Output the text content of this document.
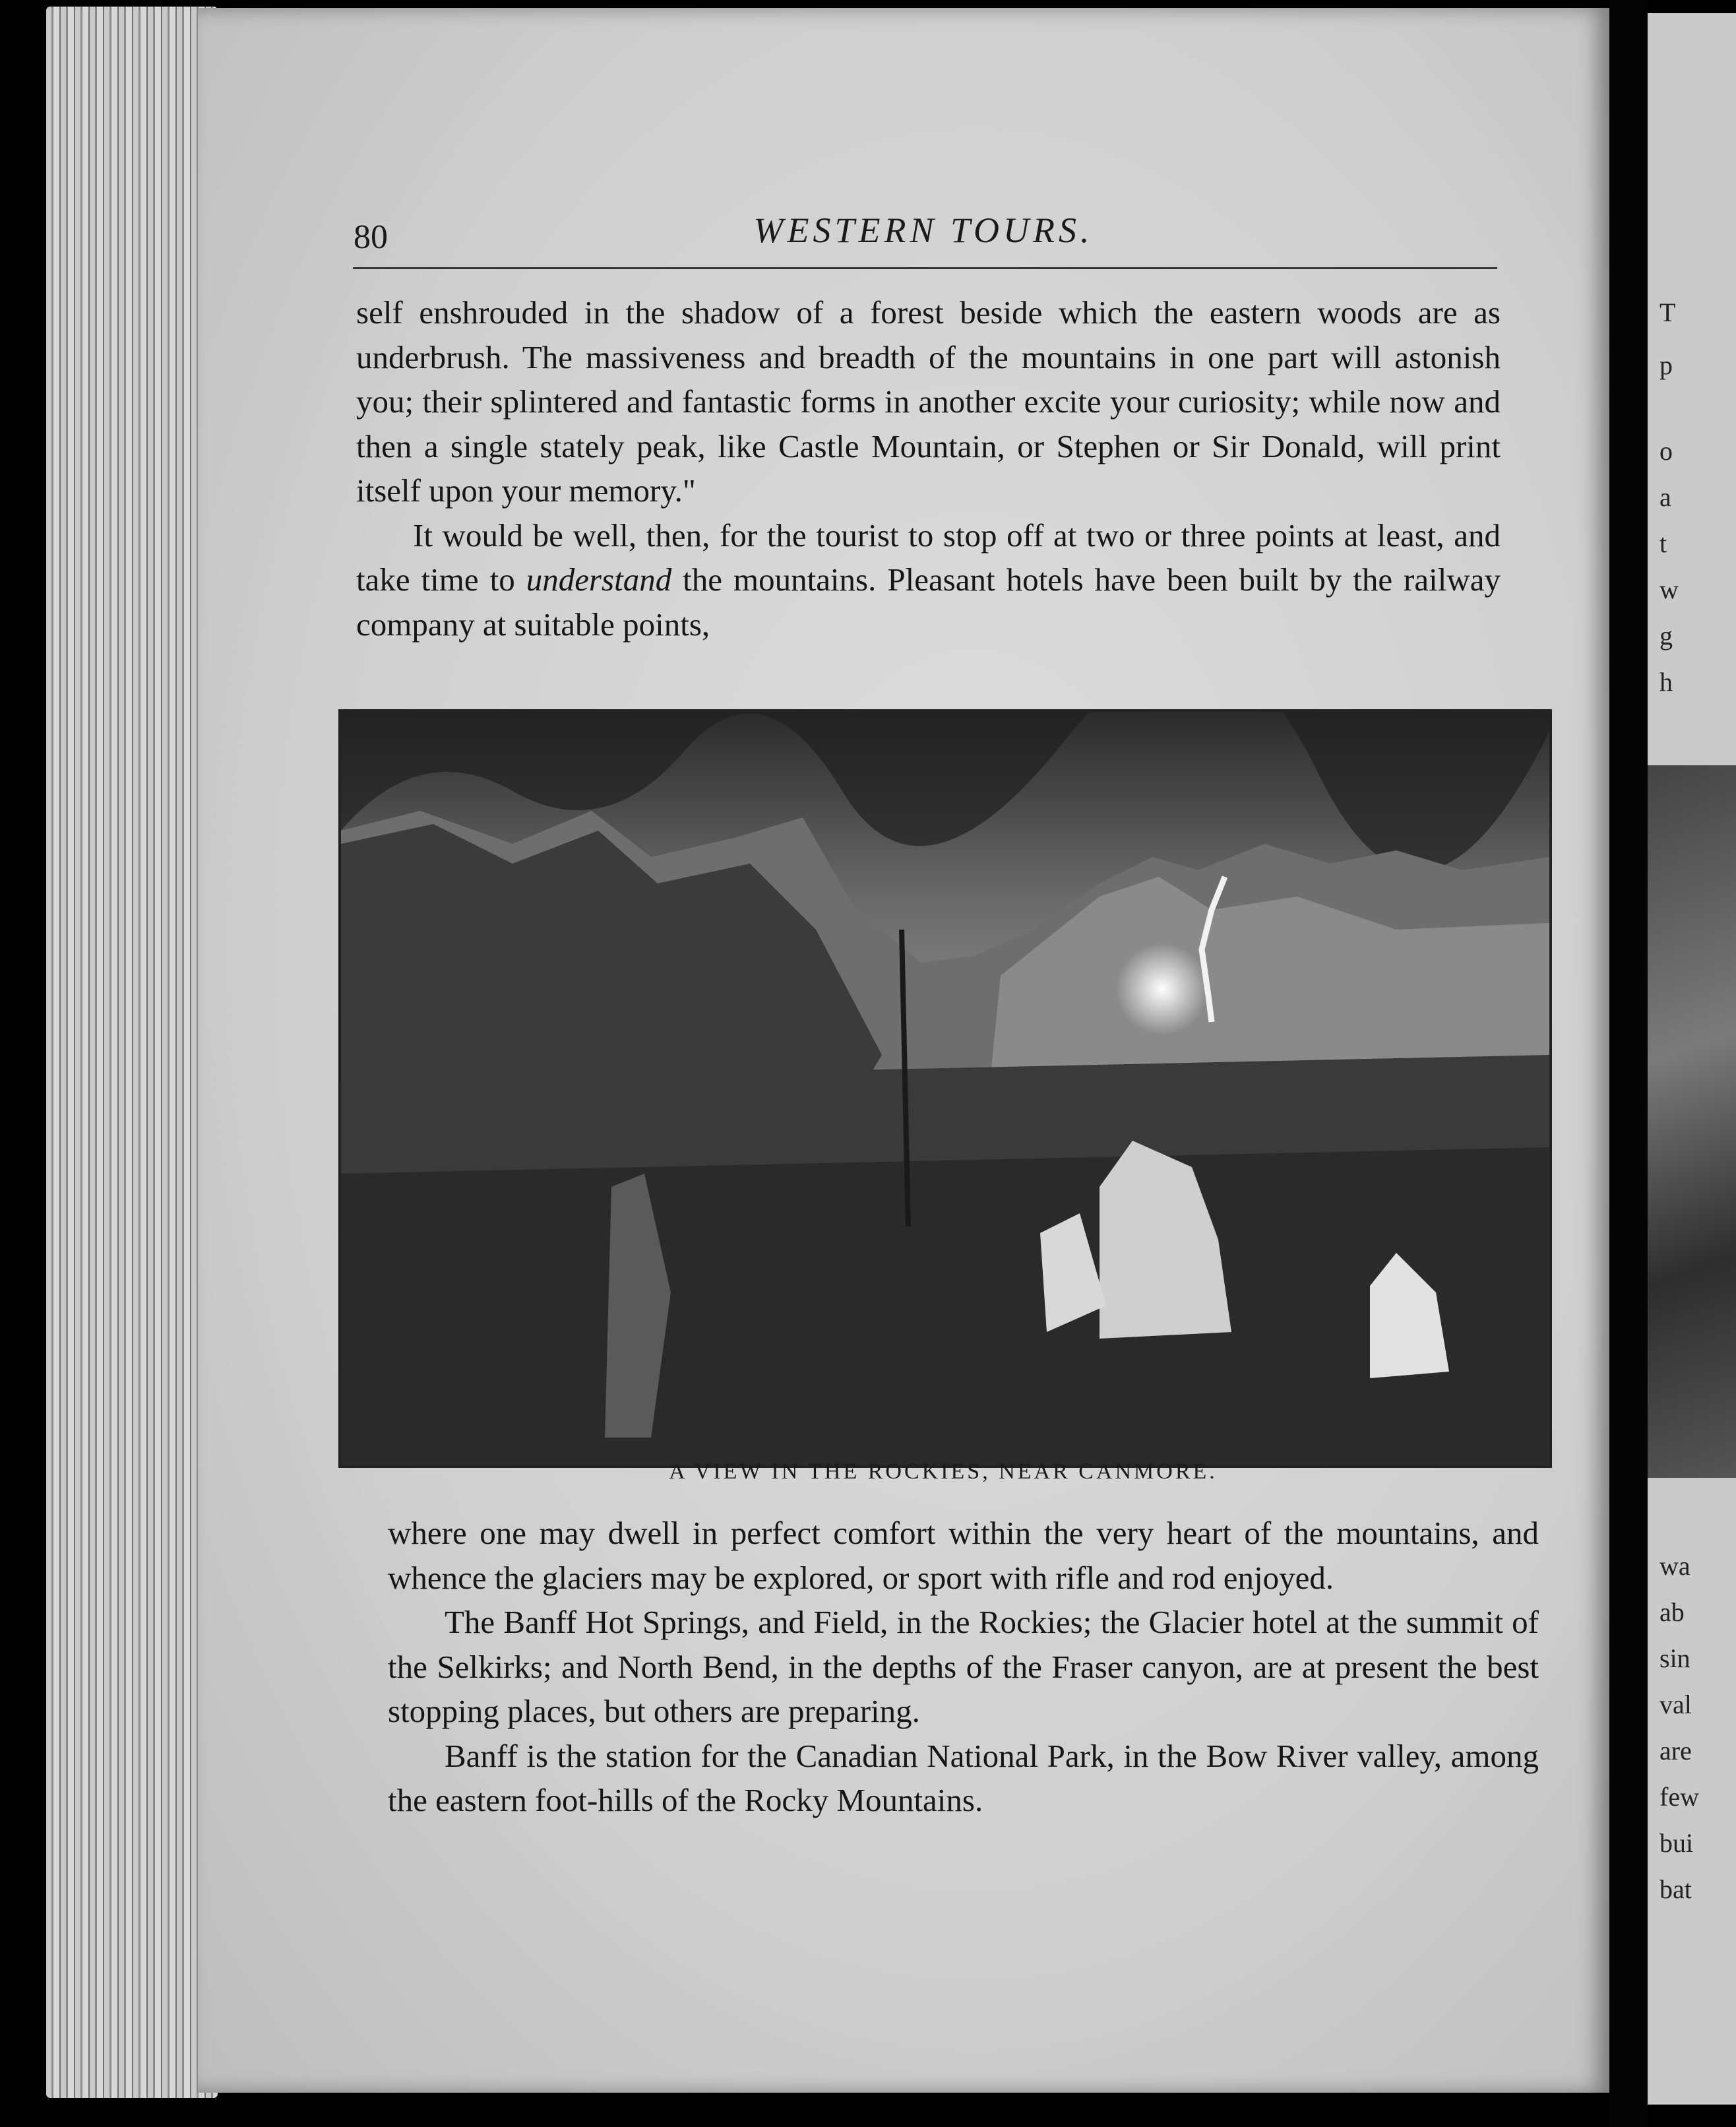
80	WESTERN TOURS.

self enshrouded in the shadow of a forest beside which the eastern woods are as underbrush. The massiveness and breadth of the mountains in one part will astonish you; their splintered and fantastic forms in another excite your curiosity; while now and then a single stately peak, like Castle Mountain, or Stephen or Sir Donald, will print itself upon your memory."

It would be well, then, for the tourist to stop off at two or three points at least, and take time to understand the mountains. Pleasant hotels have been built by the railway company at suitable points,

A VIEW IN THE ROCKIES, NEAR CANMORE.

where one may dwell in perfect comfort within the very heart of the mountains, and whence the glaciers may be explored, or sport with rifle and rod enjoyed.

The Banff Hot Springs, and Field, in the Rockies; the Glacier hotel at the summit of the Selkirks; and North Bend, in the depths of the Fraser canyon, are at present the best stopping places, but others are preparing.

Banff is the station for the Canadian National Park, in the Bow River valley, among the eastern foot-hills of the Rocky Mountains.

T
p
o
a
t
w
g
h
wa
ab
sin
val
are
few
bui
bat
